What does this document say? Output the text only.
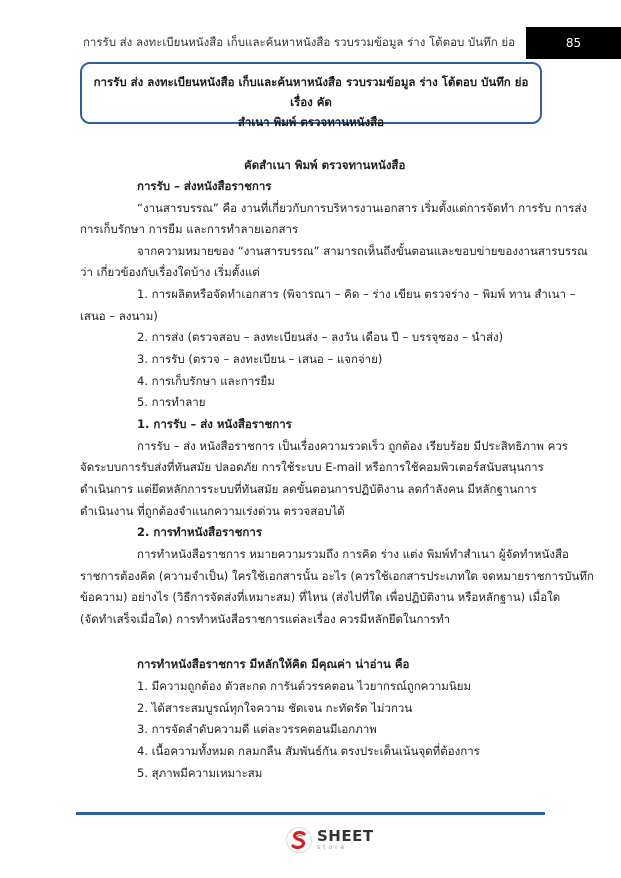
การรับ ส่ง ลงทะเบียนหนังสือ เก็บและค้นหาหนังสือ รวบรวมข้อมูล ร่าง โต้ตอบ บันทึก ย่อ	85
การรับ ส่ง ลงทะเบียนหนังสือ เก็บและค้นหาหนังสือ รวบรวมข้อมูล ร่าง โต้ตอบ บันทึก ย่อเรื่อง คัด
สำเนา พิมพ์ ตรวจทานหนังสือ
คัดสำเนา พิมพ์ ตรวจทานหนังสือ
การรับ – ส่งหนังสือราชการ
“งานสารบรรณ” คือ งานที่เกี่ยวกับการบริหารงานเอกสาร เริ่มตั้งแต่การจัดทำ การรับ การส่ง
การเก็บรักษา การยืม และการทำลายเอกสาร
จากความหมายของ “งานสารบรรณ” สามารถเห็นถึงขั้นตอนและขอบข่ายของงานสารบรรณ
ว่า เกี่ยวข้องกับเรื่องใดบ้าง เริ่มตั้งแต่
1. การผลิตหรือจัดทำเอกสาร (พิจารณา – คิด – ร่าง เขียน ตรวจร่าง – พิมพ์ ทาน สำเนา –
เสนอ – ลงนาม)
2. การส่ง (ตรวจสอบ – ลงทะเบียนส่ง – ลงวัน เดือน ปี – บรรจุซอง – นำส่ง)
3. การรับ (ตรวจ – ลงทะเบียน – เสนอ – แจกจ่าย)
4. การเก็บรักษา และการยืม
5. การทำลาย
1. การรับ – ส่ง หนังสือราชการ
การรับ – ส่ง หนังสือราชการ เป็นเรื่องความรวดเร็ว ถูกต้อง เรียบร้อย มีประสิทธิภาพ ควร
จัดระบบการรับส่งที่ทันสมัย ปลอดภัย การใช้ระบบ E-mail หรือการใช้คอมพิวเตอร์สนับสนุนการ
ดำเนินการ แต่ยึดหลักการระบบที่ทันสมัย ลดขั้นตอนการปฏิบัติงาน ลดกำลังคน มีหลักฐานการ
ดำเนินงาน ที่ถูกต้องจำแนกความเร่งด่วน ตรวจสอบได้
2. การทำหนังสือราชการ
การทำหนังสือราชการ หมายความรวมถึง การคิด ร่าง แต่ง พิมพ์ทำสำเนา ผู้จัดทำหนังสือ
ราชการต้องคิด (ความจำเป็น) ใครใช้เอกสารนั้น อะไร (ควรใช้เอกสารประเภทใด จดหมายราชการบันทึก
ข้อความ) อย่างไร (วิธีการจัดส่งที่เหมาะสม) ที่ไหน (ส่งไปที่ใด เพื่อปฏิบัติงาน หรือหลักฐาน) เมื่อใด
(จัดทำเสร็จเมื่อใด) การทำหนังสือราชการแต่ละเรื่อง ควรมีหลักยึดในการทำ
การทำหนังสือราชการ มีหลักให้คิด มีคุณค่า น่าอ่าน คือ
1. มีความถูกต้อง ตัวสะกด การันต์วรรคตอน ไวยากรณ์ถูกความนิยม
2. ได้สาระสมบูรณ์ทุกใจความ ชัดเจน กะทัดรัด ไม่วกวน
3. การจัดลำดับความดี แต่ละวรรคตอนมีเอกภาพ
4. เนื้อความทั้งหมด กลมกลืน สัมพันธ์กัน ตรงประเด็นเน้นจุดที่ต้องการ
5. สุภาพมีความเหมาะสม
SHEET
store
